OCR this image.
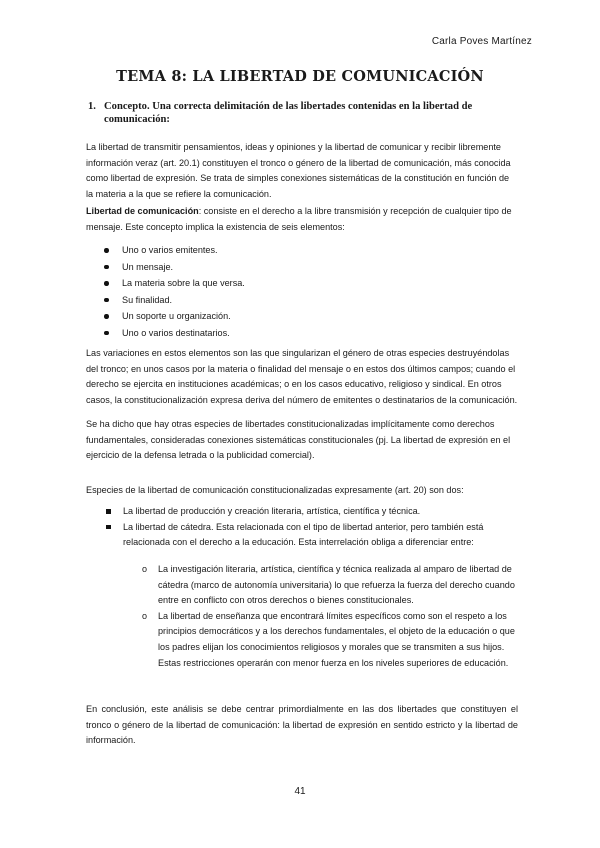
Carla Poves Martínez
TEMA 8: LA LIBERTAD DE COMUNICACIÓN
1. Concepto. Una correcta delimitación de las libertades contenidas en la libertad de comunicación:
La libertad de transmitir pensamientos, ideas y opiniones y la libertad de comunicar y recibir libremente información veraz (art. 20.1) constituyen el tronco o género de la libertad de comunicación, más conocida como libertad de expresión. Se trata de simples conexiones sistemáticas de la constitución en función de la materia a la que se refiere la comunicación.
Libertad de comunicación: consiste en el derecho a la libre transmisión y recepción de cualquier tipo de mensaje. Este concepto implica la existencia de seis elementos:
Uno o varios emitentes.
Un mensaje.
La materia sobre la que versa.
Su finalidad.
Un soporte u organización.
Uno o varios destinatarios.
Las variaciones en estos elementos son las que singularizan el género de otras especies destruyéndolas del tronco; en unos casos por la materia o finalidad del mensaje o en estos dos últimos campos; cuando el derecho se ejercita en instituciones académicas; o en los casos educativo, religioso y sindical. En otros casos, la constitucionalización expresa deriva del número de emitentes o destinatarios de la comunicación.
Se ha dicho que hay otras especies de libertades constitucionalizadas implícitamente como derechos fundamentales, consideradas conexiones sistemáticas constitucionales (pj. La libertad de expresión en el ejercicio de la defensa letrada o la publicidad comercial).
Especies de la libertad de comunicación constitucionalizadas expresamente (art. 20) son dos:
La libertad de producción y creación literaria, artística, científica y técnica.
La libertad de cátedra. Esta relacionada con el tipo de libertad anterior, pero también está relacionada con el derecho a la educación. Esta interrelación obliga a diferenciar entre:
o La investigación literaria, artística, científica y técnica realizada al amparo de libertad de cátedra (marco de autonomía universitaria) lo que refuerza la fuerza del derecho cuando entre en conflicto con otros derechos o bienes constitucionales.
o La libertad de enseñanza que encontrará límites específicos como son el respeto a los principios democráticos y a los derechos fundamentales, el objeto de la educación o que los padres elijan los conocimientos religiosos y morales que se transmiten a sus hijos. Estas restricciones operarán con menor fuerza en los niveles superiores de educación.
En conclusión, este análisis se debe centrar primordialmente en las dos libertades que constituyen el tronco o género de la libertad de comunicación: la libertad de expresión en sentido estricto y la libertad de información.
41
